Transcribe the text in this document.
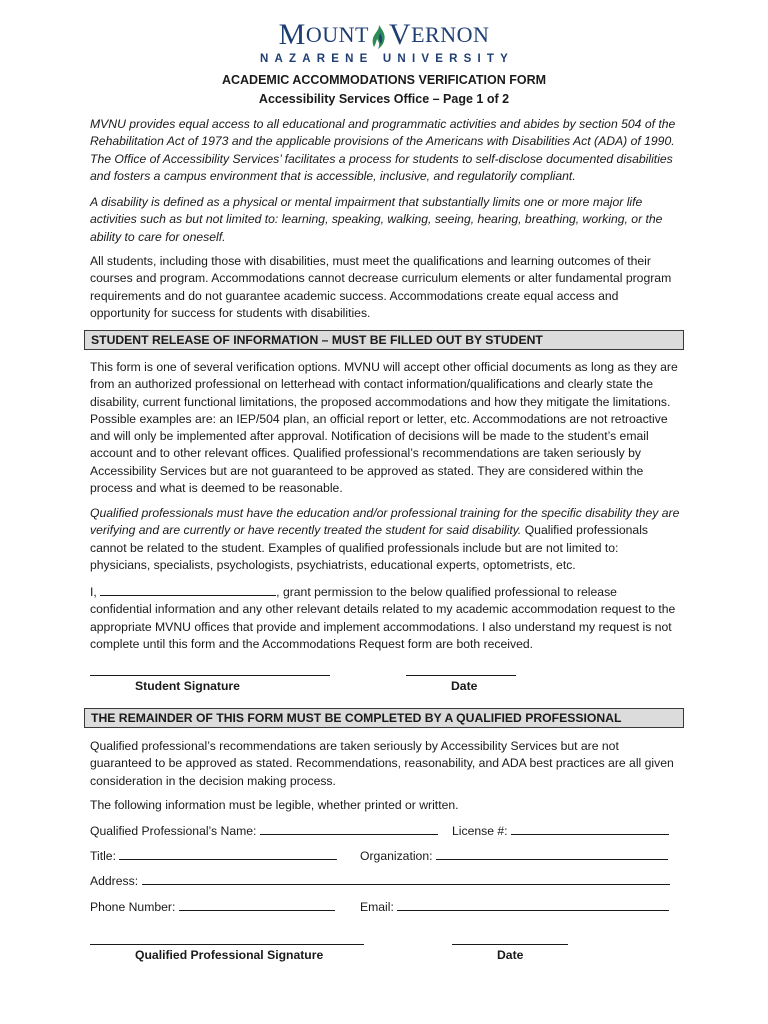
M OUNT V ERNON
NAZARENE UNIVERSITY
ACADEMIC ACCOMMODATIONS VERIFICATION FORM
Accessibility Services Office – Page 1 of 2

MVNU provides equal access to all educational and programmatic activities and abides by section 504 of the Rehabilitation Act of 1973 and the applicable provisions of the Americans with Disabilities Act (ADA) of 1990. The Office of Accessibility Services’ facilitates a process for students to self-disclose documented disabilities and fosters a campus environment that is accessible, inclusive, and regulatorily compliant.

A disability is defined as a physical or mental impairment that substantially limits one or more major life activities such as but not limited to: learning, speaking, walking, seeing, hearing, breathing, working, or the ability to care for oneself.

All students, including those with disabilities, must meet the qualifications and learning outcomes of their courses and program. Accommodations cannot decrease curriculum elements or alter fundamental program requirements and do not guarantee academic success. Accommodations create equal access and opportunity for success for students with disabilities.

STUDENT RELEASE OF INFORMATION – MUST BE FILLED OUT BY STUDENT

This form is one of several verification options. MVNU will accept other official documents as long as they are from an authorized professional on letterhead with contact information/qualifications and clearly state the disability, current functional limitations, the proposed accommodations and how they mitigate the limitations. Possible examples are: an IEP/504 plan, an official report or letter, etc. Accommodations are not retroactive and will only be implemented after approval. Notification of decisions will be made to the student’s email account and to other relevant offices. Qualified professional’s recommendations are taken seriously by Accessibility Services but are not guaranteed to be approved as stated. They are considered within the process and what is deemed to be reasonable.

Qualified professionals must have the education and/or professional training for the specific disability they are verifying and are currently or have recently treated the student for said disability. Qualified professionals cannot be related to the student. Examples of qualified professionals include but are not limited to: physicians, specialists, psychologists, psychiatrists, educational experts, optometrists, etc.

I,	, grant permission to the below qualified professional to release confidential information and any other relevant details related to my academic accommodation request to the appropriate MVNU offices that provide and implement accommodations. I also understand my request is not complete until this form and the Accommodations Request form are both received.

Student Signature	Date
THE REMAINDER OF THIS FORM MUST BE COMPLETED BY A QUALIFIED PROFESSIONAL

Qualified professional’s recommendations are taken seriously by Accessibility Services but are not guaranteed to be approved as stated. Recommendations, reasonability, and ADA best practices are all given consideration in the decision making process.

The following information must be legible, whether printed or written.

Qualified Professional’s Name:	License #:
Title:	Organization:
Address:
Phone Number:	Email:
Qualified Professional Signature	Date
